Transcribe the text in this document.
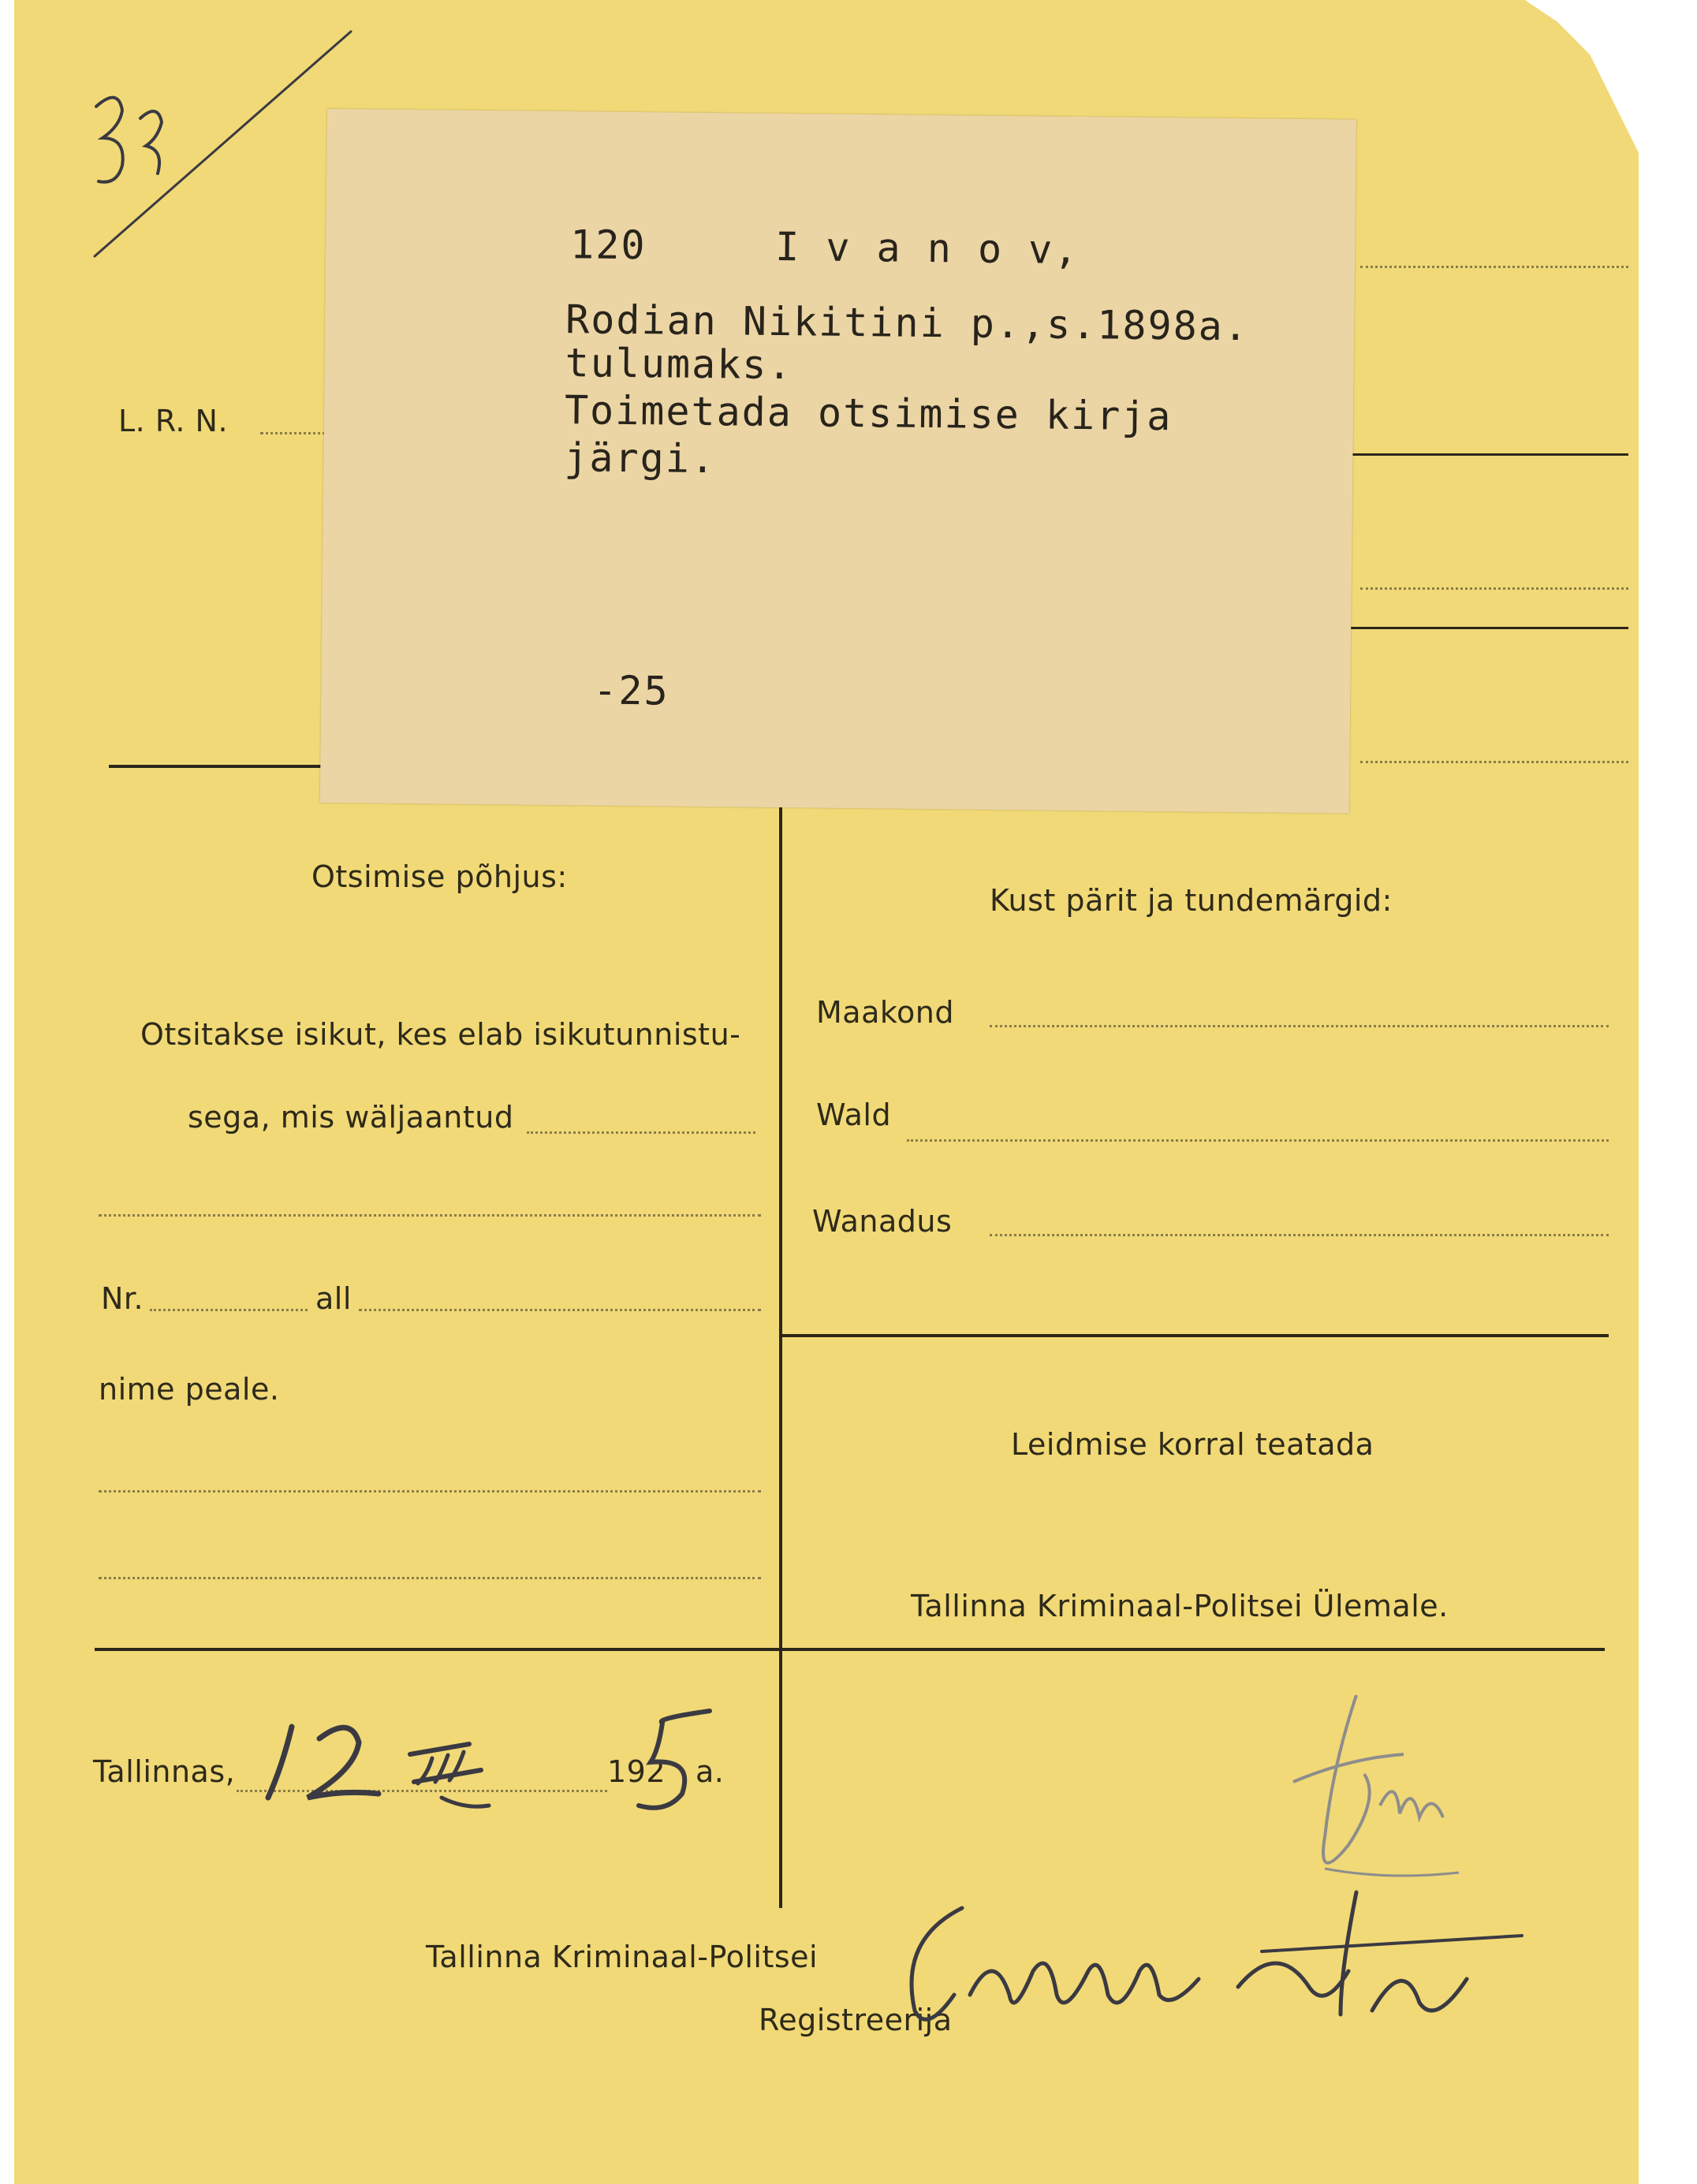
L. R. N.
Otsimise põhjus:
Otsitakse isikut, kes elab isikutunnistu-
sega, mis wäljaantud
Nr.	all
nime peale.
Kust pärit ja tundemärgid:
Maakond
Wald
Wanadus
Leidmise korral teatada
Tallinna Kriminaal-Politsei Ülemale.
Tallinnas,	192 a.
Tallinna Kriminaal-Politsei
Registreerija
120	I v a n o v,
Rodian Nikitini p.,s.1898a.
tulumaks.
Toimetada otsimise kirja
järgi.
-25
